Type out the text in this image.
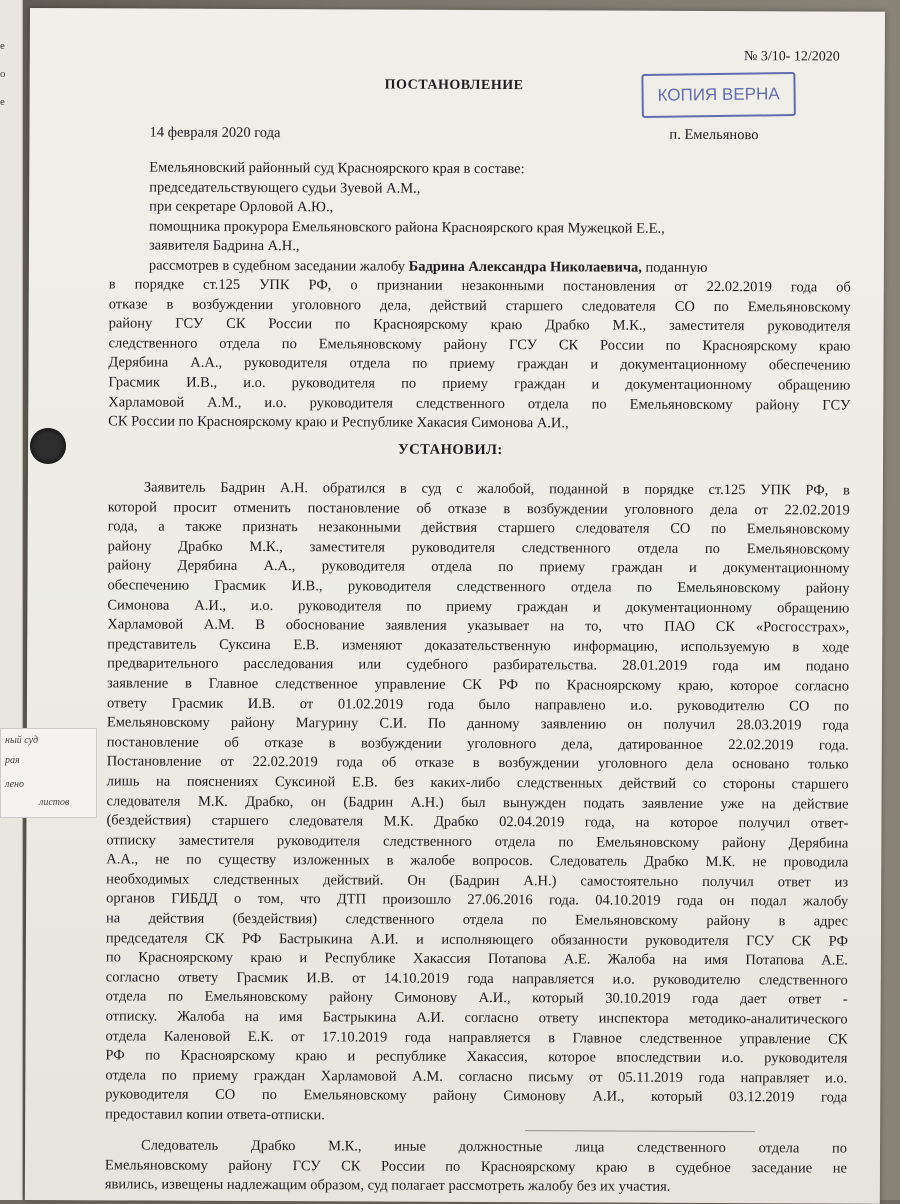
е
о
е
№ 3/10- 12/2020
ПОСТАНОВЛЕНИЕ	КОПИЯ ВЕРНА
14 февраля 2020 года	п. Емельяново
Емельяновский районный суд Красноярского края в составе:
председательствующего судьи Зуевой А.М.,
при секретаре Орловой А.Ю.,
помощника прокурора Емельяновского района Красноярского края Мужецкой Е.Е.,
заявителя Бадрина А.Н.,
рассмотрев в судебном заседании жалобу Бадрина Александра Николаевича, поданную
в порядке ст.125 УПК РФ, о признании незаконными постановления от 22.02.2019 года об
отказе в возбуждении уголовного дела, действий старшего следователя СО по Емельяновскому
району ГСУ СК России по Красноярскому краю Драбко М.К., заместителя руководителя
следственного отдела по Емельяновскому району ГСУ СК России по Красноярскому краю
Дерябина А.А., руководителя отдела по приему граждан и документационному обеспечению
Грасмик И.В., и.о. руководителя по приему граждан и документационному обращению
Харламовой А.М., и.о. руководителя следственного отдела по Емельяновскому району ГСУ
СК России по Красноярскому краю и Республике Хакасия Симонова А.И.,
УСТАНОВИЛ:
Заявитель Бадрин А.Н. обратился в суд с жалобой, поданной в порядке ст.125 УПК РФ, в
которой просит отменить постановление об отказе в возбуждении уголовного дела от 22.02.2019
года, а также признать незаконными действия старшего следователя СО по Емельяновскому
району Драбко М.К., заместителя руководителя следственного отдела по Емельяновскому
району Дерябина А.А., руководителя отдела по приему граждан и документационному
обеспечению Грасмик И.В., руководителя следственного отдела по Емельяновскому району
Симонова А.И., и.о. руководителя по приему граждан и документационному обращению
Харламовой А.М. В обоснование заявления указывает на то, что ПАО СК «Росгосстрах»,
представитель Суксина Е.В. изменяют доказательственную информацию, используемую в ходе
предварительного расследования или судебного разбирательства. 28.01.2019 года им подано
заявление в Главное следственное управление СК РФ по Красноярскому краю, которое согласно
ответу Грасмик И.В. от 01.02.2019 года было направлено и.о. руководителю СО по
Емельяновскому району Магурину С.И. По данному заявлению он получил 28.03.2019 года
постановление об отказе в возбуждении уголовного дела, датированное 22.02.2019 года.
Постановление от 22.02.2019 года об отказе в возбуждении уголовного дела основано только
лишь на пояснениях Суксиной Е.В. без каких-либо следственных действий со стороны старшего
следователя М.К. Драбко, он (Бадрин А.Н.) был вынужден подать заявление уже на действие
(бездействия) старшего следователя М.К. Драбко 02.04.2019 года, на которое получил ответ-
отписку заместителя руководителя следственного отдела по Емельяновскому району Дерябина
А.А., не по существу изложенных в жалобе вопросов. Следователь Драбко М.К. не проводила
необходимых следственных действий. Он (Бадрин А.Н.) самостоятельно получил ответ из
органов ГИБДД о том, что ДТП произошло 27.06.2016 года. 04.10.2019 года он подал жалобу
на действия (бездействия) следственного отдела по Емельяновскому району в адрес
председателя СК РФ Бастрыкина А.И. и исполняющего обязанности руководителя ГСУ СК РФ
по Красноярскому краю и Республике Хакассия Потапова А.Е. Жалоба на имя Потапова А.Е.
согласно ответу Грасмик И.В. от 14.10.2019 года направляется и.о. руководителю следственного
отдела по Емельяновскому району Симонову А.И., который 30.10.2019 года дает ответ -
отписку. Жалоба на имя Бастрыкина А.И. согласно ответу инспектора методико-аналитического
отдела Каленовой Е.К. от 17.10.2019 года направляется в Главное следственное управление СК
РФ по Красноярскому краю и республике Хакассия, которое впоследствии и.о. руководителя
отдела по приему граждан Харламовой А.М. согласно письму от 05.11.2019 года направляет и.о.
руководителя СО по Емельяновскому району Симонову А.И., который 03.12.2019 года
предоставил копии ответа-отписки.
Следователь Драбко М.К., иные должностные лица следственного отдела по
Емельяновскому району ГСУ СК России по Красноярскому краю в судебное заседание не
явились, извещены надлежащим образом, суд полагает рассмотреть жалобу без их участия.
ный суд
рая
лено
листов
